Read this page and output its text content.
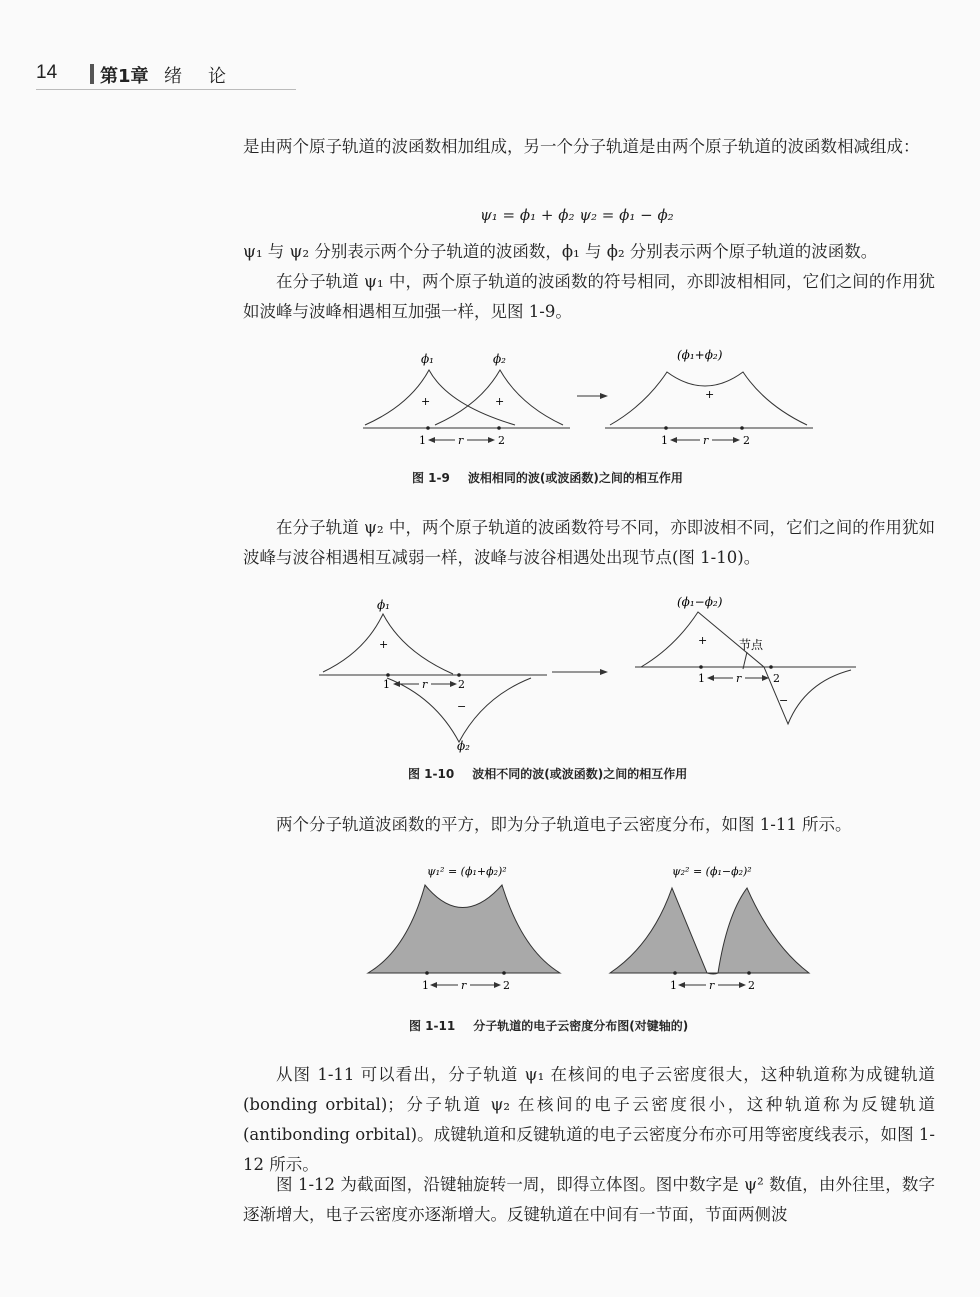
14 第1章 绪论
是由两个原子轨道的波函数相加组成，另一个分子轨道是由两个原子轨道的波函数相减组成：
ψ₁ = ϕ₁ + ϕ₂ ψ₂ = ϕ₁ − ϕ₂
ψ₁ 与 ψ₂ 分别表示两个分子轨道的波函数，ϕ₁ 与 ϕ₂ 分别表示两个原子轨道的波函数。
在分子轨道 ψ₁ 中，两个原子轨道的波函数的符号相同，亦即波相相同，它们之间的作用犹如波峰与波峰相遇相互加强一样，见图 1-9。
ϕ₁	ϕ₂
+	+
1	r	2
(ϕ₁+ϕ₂)
+
1	r	2
图 1-9 波相相同的波(或波函数)之间的相互作用
在分子轨道 ψ₂ 中，两个原子轨道的波函数符号不同，亦即波相不同，它们之间的作用犹如波峰与波谷相遇相互减弱一样，波峰与波谷相遇处出现节点(图 1-10)。
ϕ₁
ϕ₂
+
−
1	r	2
(ϕ₁−ϕ₂)
+
−
节点
1	r	2
图 1-10 波相不同的波(或波函数)之间的相互作用
两个分子轨道波函数的平方，即为分子轨道电子云密度分布，如图 1-11 所示。
ψ₁² = (ϕ₁+ϕ₂)²
1	r	2
ψ₂² = (ϕ₁−ϕ₂)²
1	r	2
图 1-11 分子轨道的电子云密度分布图(对键轴的)
从图 1-11 可以看出，分子轨道 ψ₁ 在核间的电子云密度很大，这种轨道称为成键轨道(bonding orbital)；分子轨道 ψ₂ 在核间的电子云密度很小，这种轨道称为反键轨道(antibonding orbital)。成键轨道和反键轨道的电子云密度分布亦可用等密度线表示，如图 1-12 所示。
图 1-12 为截面图，沿键轴旋转一周，即得立体图。图中数字是 ψ² 数值，由外往里，数字逐渐增大，电子云密度亦逐渐增大。反键轨道在中间有一节面，节面两侧波
